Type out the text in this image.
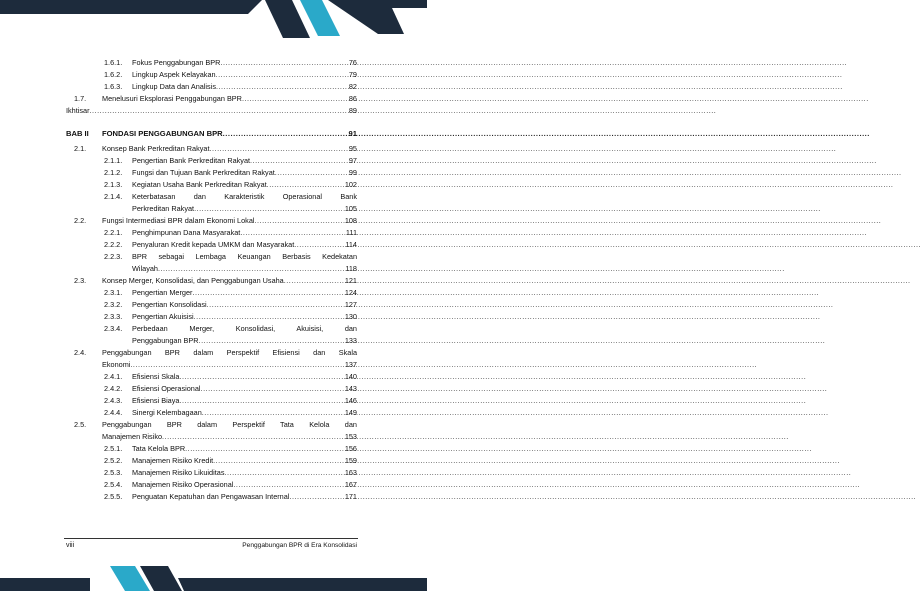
1.6.1. Fokus Penggabungan BPR .....	76
1.6.2. Lingkup Aspek Kelayakan .....	79
1.6.3. Lingkup Data dan Analisis .....	82
1.7. Menelusuri Eksplorasi Penggabungan BPR .....	86
Ikhtisar .....	89
BAB II FONDASI PENGGABUNGAN BPR .....	91
2.1. Konsep Bank Perkreditan Rakyat .....	95
2.1.1. Pengertian Bank Perkreditan Rakyat .....	97
2.1.2. Fungsi dan Tujuan Bank Perkreditan Rakyat .....	99
2.1.3. Kegiatan Usaha Bank Perkreditan Rakyat .....	102
2.1.4. Keterbatasan dan Karakteristik Operasional Bank
Perkreditan Rakyat .....	105
2.2. Fungsi Intermediasi BPR dalam Ekonomi Lokal .....	108
2.2.1. Penghimpunan Dana Masyarakat .....	111
2.2.2. Penyaluran Kredit kepada UMKM dan Masyarakat .....	114
2.2.3. BPR sebagai Lembaga Keuangan Berbasis Kedekatan
Wilayah .....	118
2.3. Konsep Merger, Konsolidasi, dan Penggabungan Usaha .....	121
2.3.1. Pengertian Merger .....	124
2.3.2. Pengertian Konsolidasi .....	127
2.3.3. Pengertian Akuisisi .....	130
2.3.4. Perbedaan Merger, Konsolidasi, Akuisisi, dan
Penggabungan BPR .....	133
2.4. Penggabungan BPR dalam Perspektif Efisiensi dan Skala
Ekonomi .....	137
2.4.1. Efisiensi Skala .....	140
2.4.2. Efisiensi Operasional .....	143
2.4.3. Efisiensi Biaya .....	146
2.4.4. Sinergi Kelembagaan .....	149
2.5. Penggabungan BPR dalam Perspektif Tata Kelola dan
Manajemen Risiko .....	153
2.5.1. Tata Kelola BPR .....	156
2.5.2. Manajemen Risiko Kredit .....	159
2.5.3. Manajemen Risiko Likuiditas .....	163
2.5.4. Manajemen Risiko Operasional .....	167
2.5.5. Penguatan Kepatuhan dan Pengawasan Internal .....	171
viii	Penggabungan BPR di Era Konsolidasi
